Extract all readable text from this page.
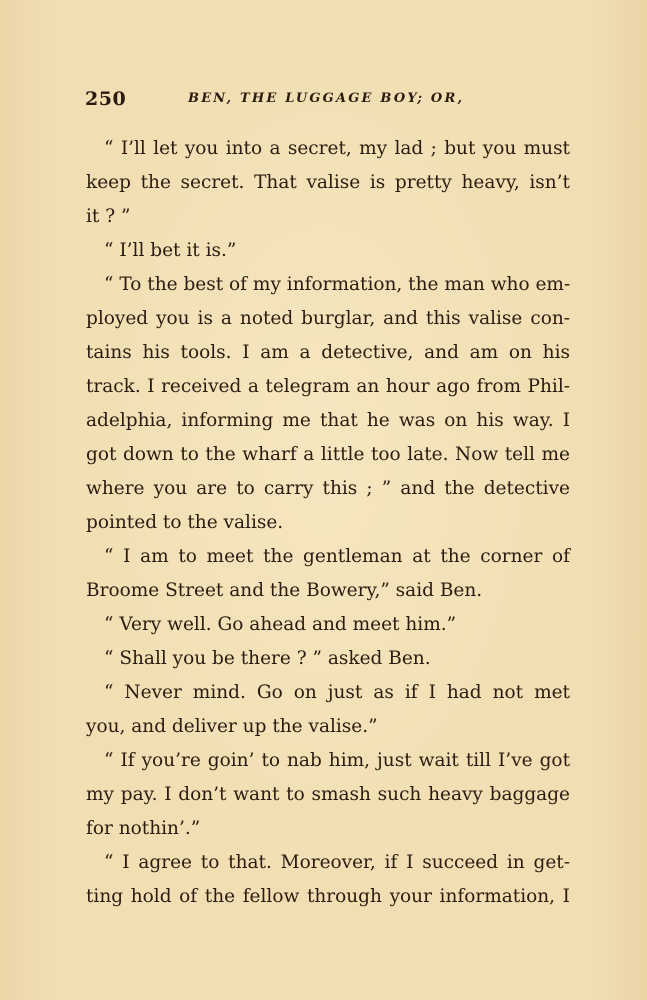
250	BEN, THE LUGGAGE BOY; OR,
“ I’ll let you into a secret, my lad ; but you must
keep the secret. That valise is pretty heavy, isn’t
it ? ”
“ I’ll bet it is.”
“ To the best of my information, the man who em-
ployed you is a noted burglar, and this valise con-
tains his tools. I am a detective, and am on his
track. I received a telegram an hour ago from Phil-
adelphia, informing me that he was on his way. I
got down to the wharf a little too late. Now tell me
where you are to carry this ; ” and the detective
pointed to the valise.
“ I am to meet the gentleman at the corner of
Broome Street and the Bowery,” said Ben.
“ Very well. Go ahead and meet him.”
“ Shall you be there ? ” asked Ben.
“ Never mind. Go on just as if I had not met
you, and deliver up the valise.”
“ If you’re goin’ to nab him, just wait till I’ve got
my pay. I don’t want to smash such heavy baggage
for nothin’.”
“ I agree to that. Moreover, if I succeed in get-
ting hold of the fellow through your information, I
